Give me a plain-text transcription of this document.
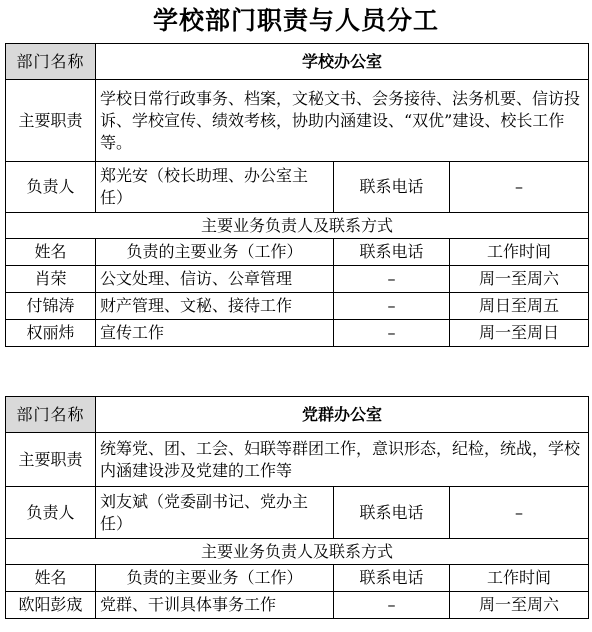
学校部门职责与人员分工
部门名称	学校办公室		
主要职责	学校日常行政事务、档案，文秘文书、会务接待、法务机要、信访投诉、学校宣传、绩效考核，协助内涵建设、“双优”建设、校长工作等。		
负责人	郑光安（校长助理、办公室主任）	联系电话	–
主要业务负责人及联系方式			
姓名	负责的主要业务（工作）	联系电话	工作时间
肖荣	公文处理、信访、公章管理	–	周一至周六
付锦涛	财产管理、文秘、接待工作	–	周日至周五
权丽炜	宣传工作	–	周一至周日
部门名称	党群办公室		
主要职责	统筹党、团、工会、妇联等群团工作，意识形态，纪检，统战，学校内涵建设涉及党建的工作等		
负责人	刘友斌（党委副书记、党办主任）	联系电话	–
主要业务负责人及联系方式			
姓名	负责的主要业务（工作）	联系电话	工作时间
欧阳彭宬	党群、干训具体事务工作	–	周一至周六
